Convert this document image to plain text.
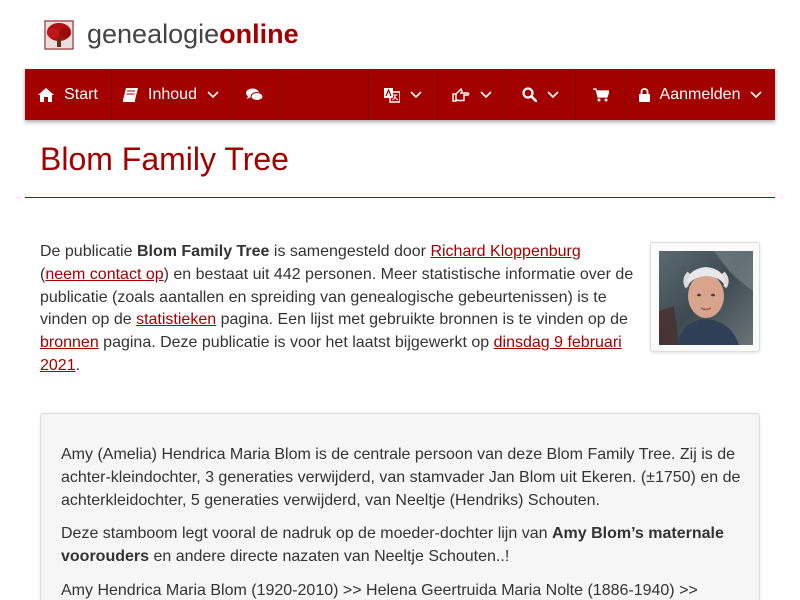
genealogieonline
Start	Inhoud	Aanmelden
Blom Family Tree
De publicatie Blom Family Tree is samengesteld door Richard Kloppenburg
(neem contact op) en bestaat uit 442 personen. Meer statistische informatie over de publicatie (zoals aantallen en spreiding van genealogische gebeurtenissen) is te vinden op de statistieken pagina. Een lijst met gebruikte bronnen is te vinden op de bronnen pagina. Deze publicatie is voor het laatst bijgewerkt op dinsdag 9 februari 2021.

Amy (Amelia) Hendrica Maria Blom is de centrale persoon van deze Blom Family Tree. Zij is de achter-kleindochter, 3 generaties verwijderd, van stamvader Jan Blom uit Ekeren. (±1750) en de achterkleidochter, 5 generaties verwijderd, van Neeltje (Hendriks) Schouten.

Deze stamboom legt vooral de nadruk op de moeder-dochter lijn van Amy Blom’s maternale voorouders en andere directe nazaten van Neeltje Schouten..!

Amy Hendrica Maria Blom (1920-2010) >> Helena Geertruida Maria Nolte (1886-1940) >>
